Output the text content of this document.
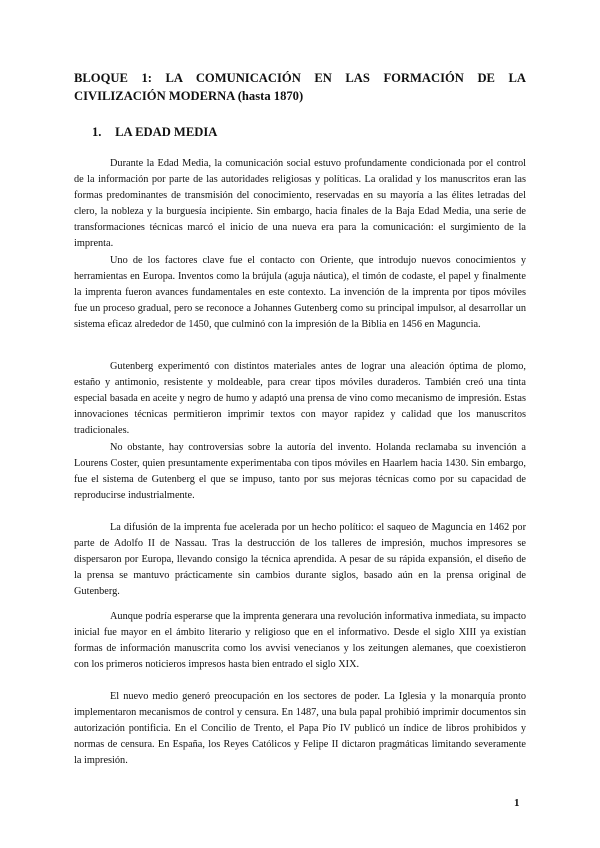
BLOQUE 1: LA COMUNICACIÓN EN LAS FORMACIÓN DE LA CIVILIZACIÓN MODERNA (hasta 1870)
1. LA EDAD MEDIA

Durante la Edad Media, la comunicación social estuvo profundamente condicionada por el control de la información por parte de las autoridades religiosas y políticas. La oralidad y los manuscritos eran las formas predominantes de transmisión del conocimiento, reservadas en su mayoría a las élites letradas del clero, la nobleza y la burguesía incipiente. Sin embargo, hacia finales de la Baja Edad Media, una serie de transformaciones técnicas marcó el inicio de una nueva era para la comunicación: el surgimiento de la imprenta.

Uno de los factores clave fue el contacto con Oriente, que introdujo nuevos conocimientos y herramientas en Europa. Inventos como la brújula (aguja náutica), el timón de codaste, el papel y finalmente la imprenta fueron avances fundamentales en este contexto. La invención de la imprenta por tipos móviles fue un proceso gradual, pero se reconoce a Johannes Gutenberg como su principal impulsor, al desarrollar un sistema eficaz alrededor de 1450, que culminó con la impresión de la Biblia en 1456 en Maguncia.

Gutenberg experimentó con distintos materiales antes de lograr una aleación óptima de plomo, estaño y antimonio, resistente y moldeable, para crear tipos móviles duraderos. También creó una tinta especial basada en aceite y negro de humo y adaptó una prensa de vino como mecanismo de impresión. Estas innovaciones técnicas permitieron imprimir textos con mayor rapidez y calidad que los manuscritos tradicionales.

No obstante, hay controversias sobre la autoría del invento. Holanda reclamaba su invención a Lourens Coster, quien presuntamente experimentaba con tipos móviles en Haarlem hacia 1430. Sin embargo, fue el sistema de Gutenberg el que se impuso, tanto por sus mejoras técnicas como por su capacidad de reproducirse industrialmente.

La difusión de la imprenta fue acelerada por un hecho político: el saqueo de Maguncia en 1462 por parte de Adolfo II de Nassau. Tras la destrucción de los talleres de impresión, muchos impresores se dispersaron por Europa, llevando consigo la técnica aprendida. A pesar de su rápida expansión, el diseño de la prensa se mantuvo prácticamente sin cambios durante siglos, basado aún en la prensa original de Gutenberg.

Aunque podría esperarse que la imprenta generara una revolución informativa inmediata, su impacto inicial fue mayor en el ámbito literario y religioso que en el informativo. Desde el siglo XIII ya existían formas de información manuscrita como los avvisi venecianos y los zeitungen alemanes, que coexistieron con los primeros noticieros impresos hasta bien entrado el siglo XIX.

El nuevo medio generó preocupación en los sectores de poder. La Iglesia y la monarquía pronto implementaron mecanismos de control y censura. En 1487, una bula papal prohibió imprimir documentos sin autorización pontificia. En el Concilio de Trento, el Papa Pío IV publicó un índice de libros prohibidos y normas de censura. En España, los Reyes Católicos y Felipe II dictaron pragmáticas limitando severamente la impresión.

1
